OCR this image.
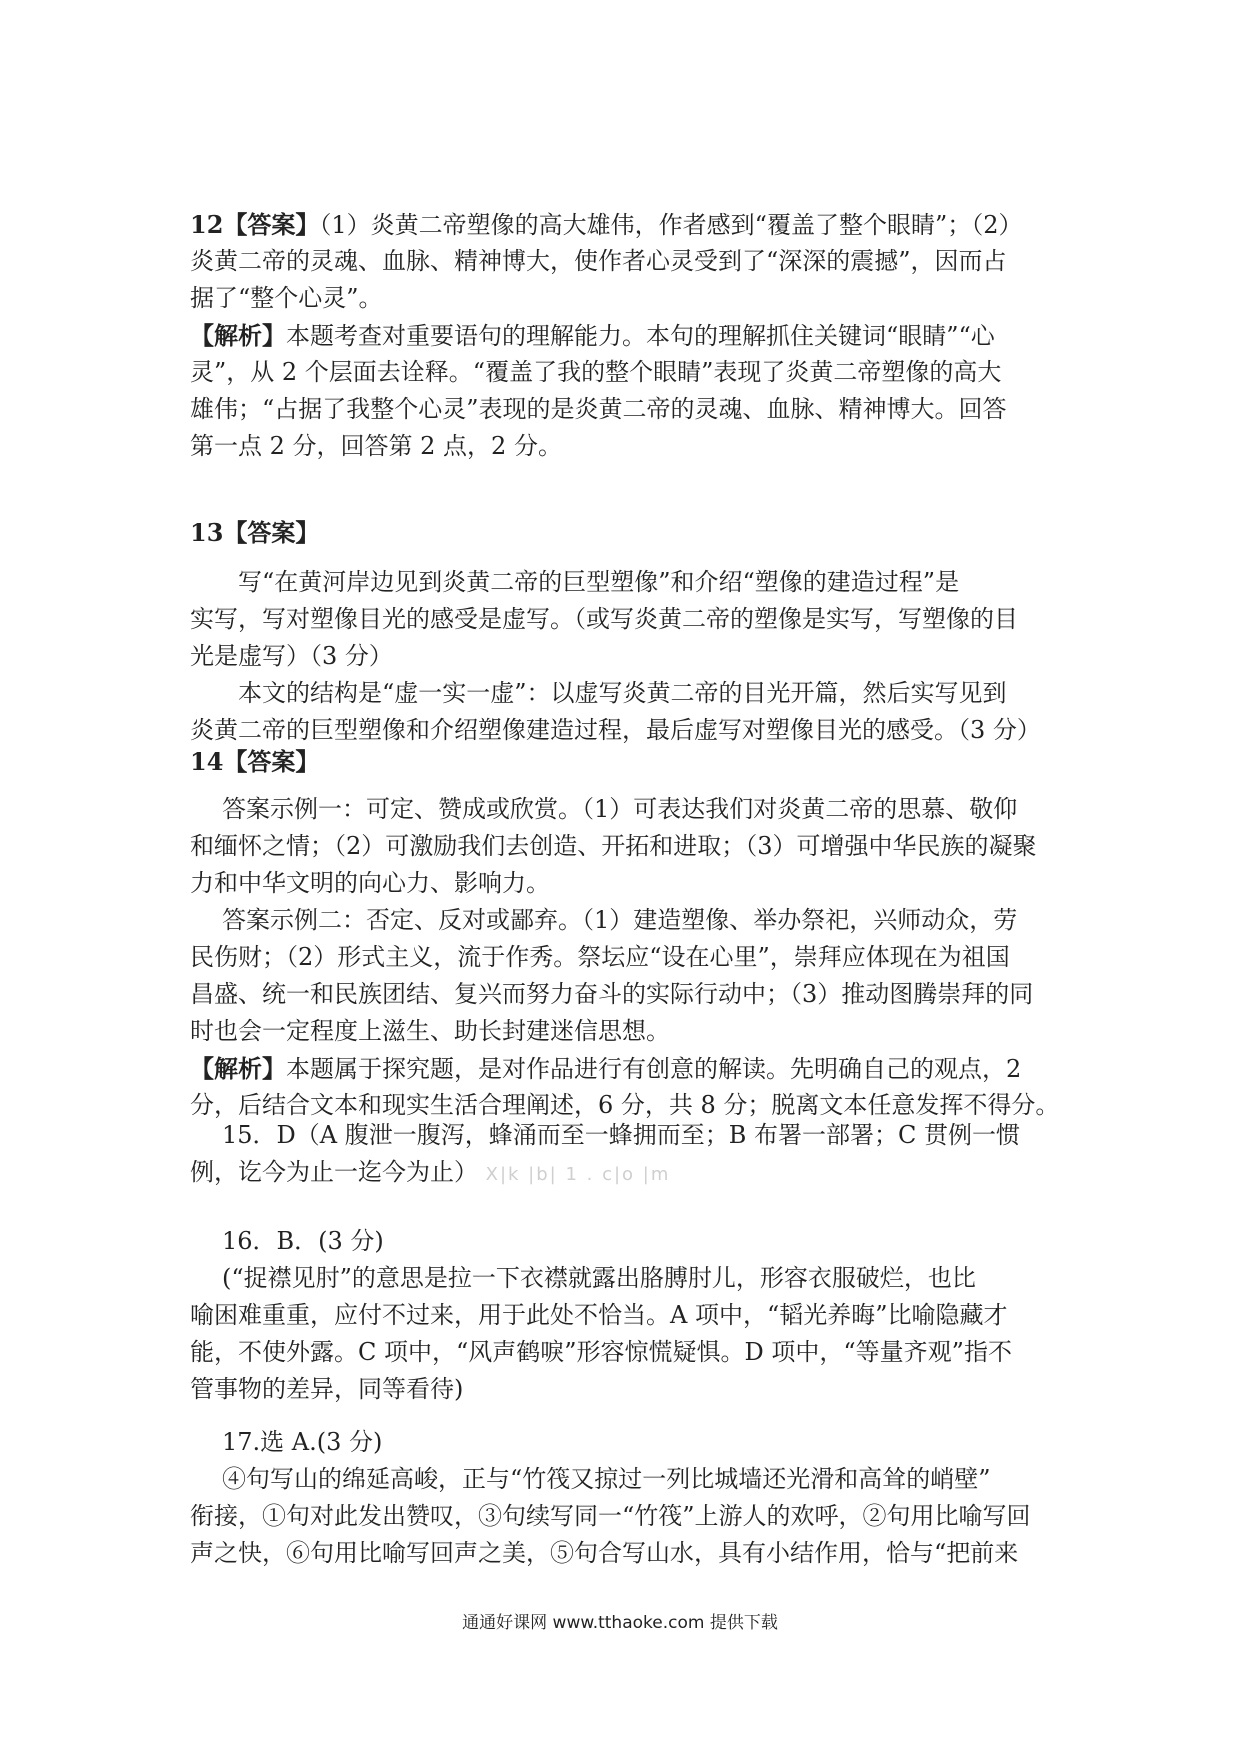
12【答案】（1）炎黄二帝塑像的高大雄伟，作者感到“覆盖了整个眼睛”；（2）
炎黄二帝的灵魂、血脉、精神博大，使作者心灵受到了“深深的震撼”，因而占
据了“整个心灵”。
【解析】本题考查对重要语句的理解能力。本句的理解抓住关键词“眼睛”“心
灵”，从 2 个层面去诠释。“覆盖了我的整个眼睛”表现了炎黄二帝塑像的高大
雄伟；“占据了我整个心灵”表现的是炎黄二帝的灵魂、血脉、精神博大。回答
第一点 2 分，回答第 2 点，2 分。
13【答案】
写“在黄河岸边见到炎黄二帝的巨型塑像”和介绍“塑像的建造过程”是
实写，写对塑像目光的感受是虚写。（或写炎黄二帝的塑像是实写，写塑像的目
光是虚写）（3 分）
本文的结构是“虚一实一虚”：以虚写炎黄二帝的目光开篇，然后实写见到
炎黄二帝的巨型塑像和介绍塑像建造过程，最后虚写对塑像目光的感受。（3 分）
14【答案】
答案示例一：可定、赞成或欣赏。（1）可表达我们对炎黄二帝的思慕、敬仰
和缅怀之情；（2）可激励我们去创造、开拓和进取；（3）可增强中华民族的凝聚
力和中华文明的向心力、影响力。
答案示例二：否定、反对或鄙弃。（1）建造塑像、举办祭祀，兴师动众，劳
民伤财；（2）形式主义，流于作秀。祭坛应“设在心里”，崇拜应体现在为祖国
昌盛、统一和民族团结、复兴而努力奋斗的实际行动中；（3）推动图腾崇拜的同
时也会一定程度上滋生、助长封建迷信思想。
【解析】本题属于探究题，是对作品进行有创意的解读。先明确自己的观点，2
分，后结合文本和现实生活合理阐述，6 分，共 8 分；脱离文本任意发挥不得分。
15．D（A 腹泄一腹泻，蜂涌而至一蜂拥而至；B 布署一部署；C 贯例一惯
例，讫今为止一迄今为止） X|k |b| 1 . c|o |m
16．B．(3 分)
(“捉襟见肘”的意思是拉一下衣襟就露出胳膊肘儿，形容衣服破烂，也比
喻困难重重，应付不过来，用于此处不恰当。A 项中，“韬光养晦”比喻隐藏才
能，不使外露。C 项中，“风声鹤唳”形容惊慌疑惧。D 项中，“等量齐观”指不
管事物的差异，同等看待)
17.选 A.(3 分)
④句写山的绵延高峻，正与“竹筏又掠过一列比城墙还光滑和高耸的峭壁”
衔接，①句对此发出赞叹，③句续写同一“竹筏”上游人的欢呼，②句用比喻写回
声之快，⑥句用比喻写回声之美，⑤句合写山水，具有小结作用，恰与“把前来
通通好课网 www.tthaoke.com 提供下载
